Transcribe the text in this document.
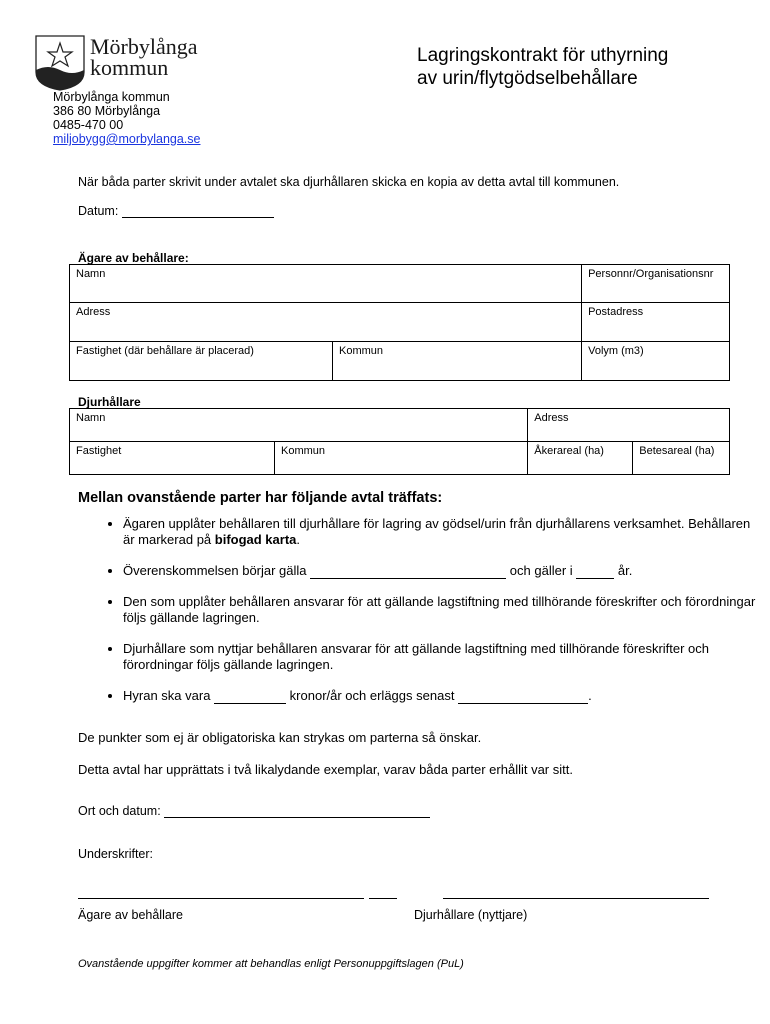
Mörbylånga
kommun
Mörbylånga kommun
386 80 Mörbylånga
0485-470 00
miljobygg@morbylanga.se
Lagringskontrakt för uthyrning
av urin/flytgödselbehållare
När båda parter skrivit under avtalet ska djurhållaren skicka en kopia av detta avtal till kommunen.
Datum:
Ägare av behållare:
Namn		Personnr/Organisationsnr
Adress		Postadress
Fastighet (där behållare är placerad)	Kommun	Volym (m3)
Djurhållare
Namn		Adress	
Fastighet	Kommun	Åkerareal (ha)	Betesareal (ha)
Mellan ovanstående parter har följande avtal träffats:
• Ägaren upplåter behållaren till djurhållare för lagring av gödsel/urin från djurhållarens verksamhet. Behållaren är markerad på bifogad karta.
• Överenskommelsen börjar gälla	och gäller i	år.
• Den som upplåter behållaren ansvarar för att gällande lagstiftning med tillhörande föreskrifter och förordningar följs gällande lagringen.
• Djurhållare som nyttjar behållaren ansvarar för att gällande lagstiftning med tillhörande föreskrifter och förordningar följs gällande lagringen.
• Hyran ska vara	kronor/år och erläggs senast	.
De punkter som ej är obligatoriska kan strykas om parterna så önskar.
Detta avtal har upprättats i två likalydande exemplar, varav båda parter erhållit var sitt.
Ort och datum:
Underskrifter:
Ägare av behållare	Djurhållare (nyttjare)
Ovanstående uppgifter kommer att behandlas enligt Personuppgiftslagen (PuL)
